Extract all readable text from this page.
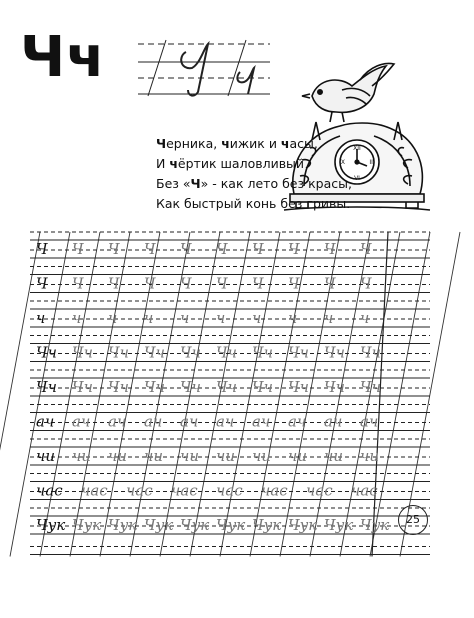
Чч
XII
III
VI
IX
Черника, чижик и часы,
И чёртик шаловливый
Без «Ч» - как лето без красы,
Как быстрый конь без гривы.
Ч Ч Ч Ч Ч Ч Ч Ч Ч Ч
Ч Ч Ч Ч Ч Ч Ч Ч Ч Ч
ч ч ч ч ч ч ч ч ч ч
Чч Чч Чч Чч Чч Чч Чч Чч Чч Чч
Чч Чч Чч Чч Чч Чч Чч Чч Чч Чч
ач ач ач ач ач ач ач ач ач ач
чи чи чи чи чи чи чи чи чи чи
час час час час час час час час
Чук Чук Чук Чук Чук Чук Чук Чук Чук Чук	25
